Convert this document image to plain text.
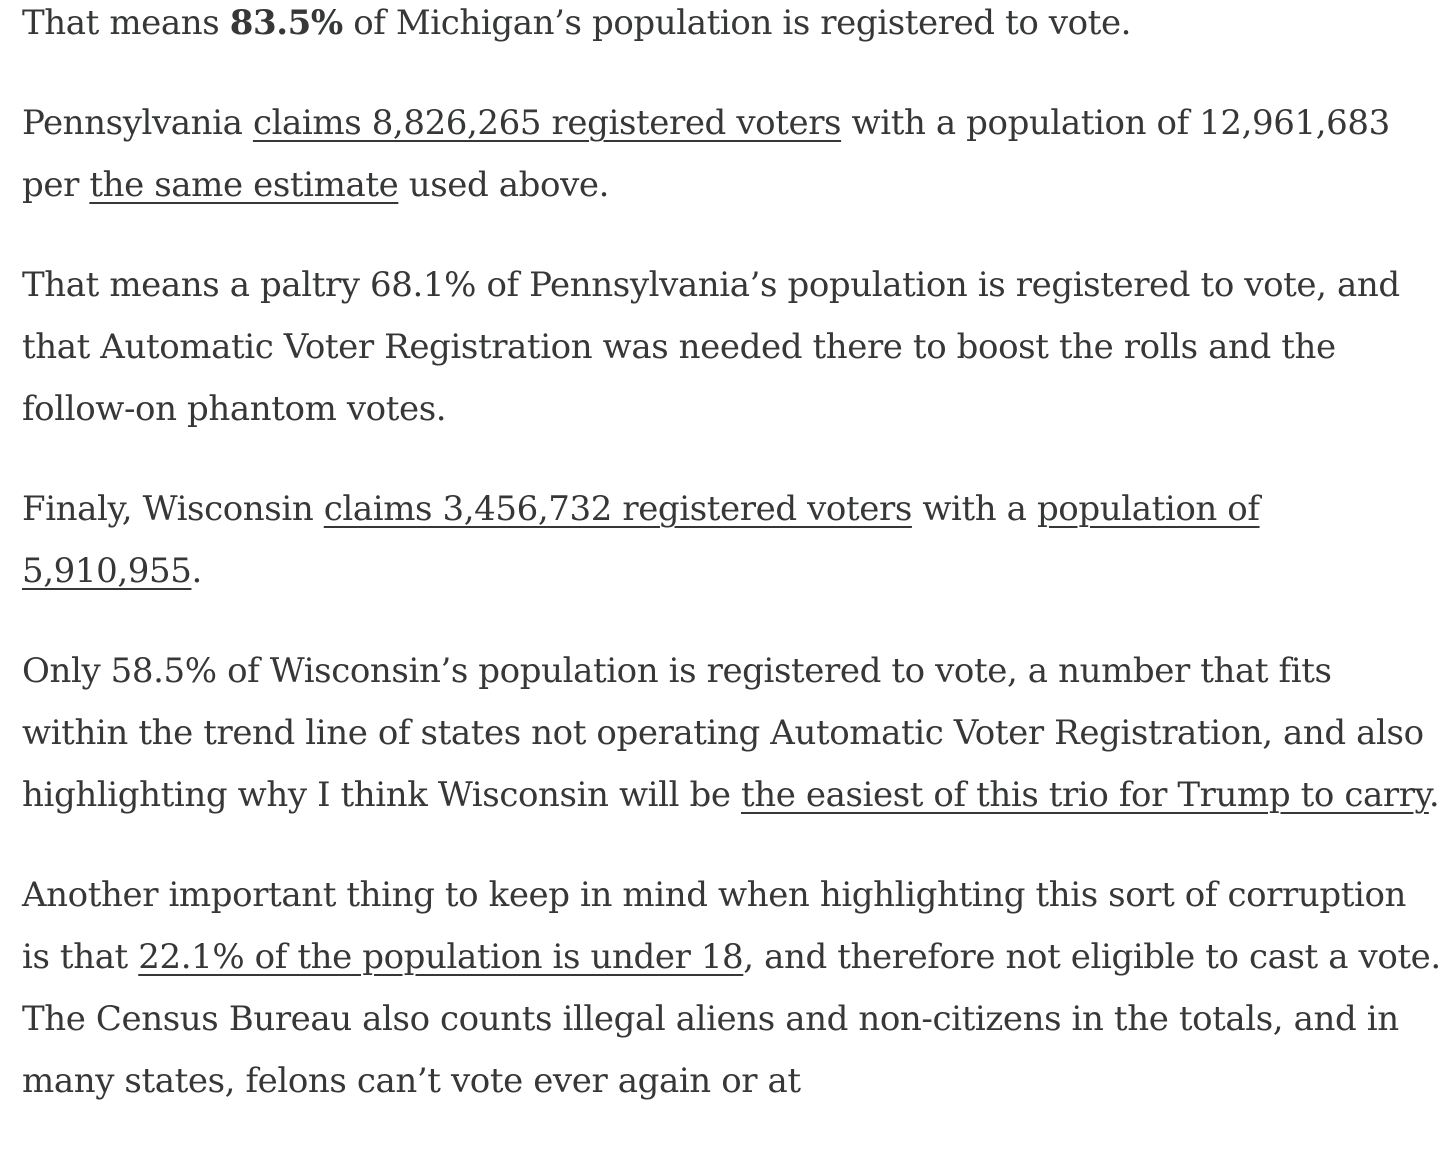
That means 83.5% of Michigan’s population is registered to vote.

Pennsylvania claims 8,826,265 registered voters with a population of 12,961,683 per the same estimate used above.

That means a paltry 68.1% of Pennsylvania’s population is registered to vote, and that Automatic Voter Registration was needed there to boost the rolls and the follow-on phantom votes.

Finaly, Wisconsin claims 3,456,732 registered voters with a population of 5,910,955.

Only 58.5% of Wisconsin’s population is registered to vote, a number that fits within the trend line of states not operating Automatic Voter Registration, and also highlighting why I think Wisconsin will be the easiest of this trio for Trump to carry.

Another important thing to keep in mind when highlighting this sort of corruption is that 22.1% of the population is under 18, and therefore not eligible to cast a vote. The Census Bureau also counts illegal aliens and non-citizens in the totals, and in many states, felons can’t vote ever again or at
